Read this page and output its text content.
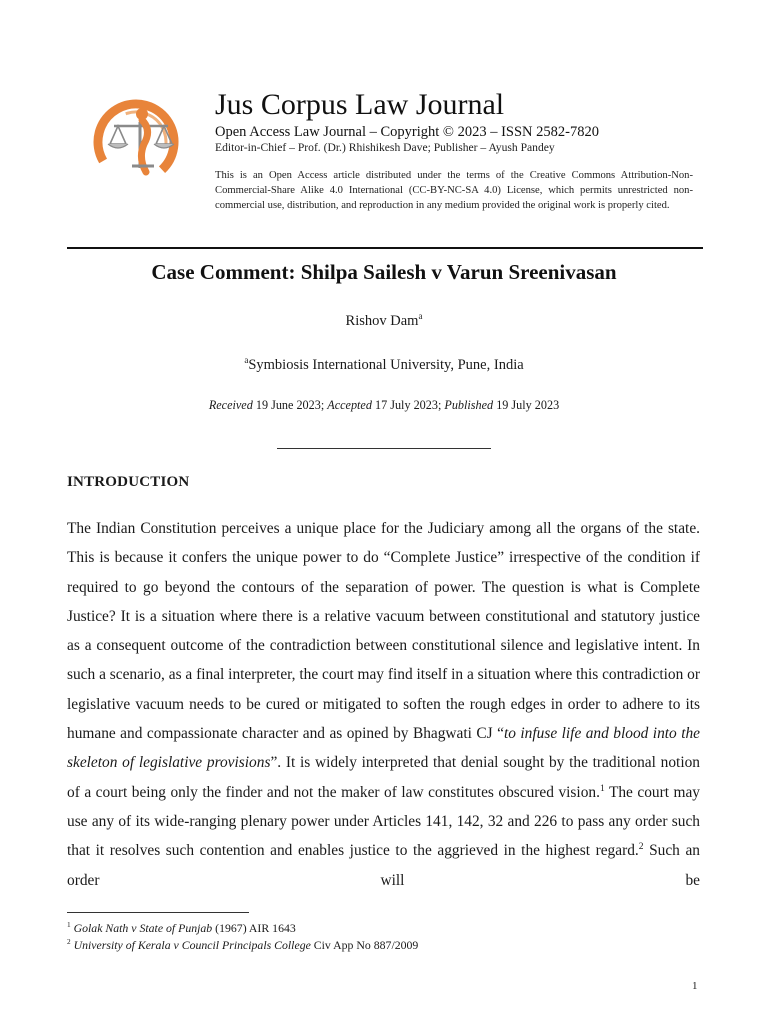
Jus Corpus Law Journal
Open Access Law Journal – Copyright © 2023 – ISSN 2582-7820
Editor-in-Chief – Prof. (Dr.) Rhishikesh Dave; Publisher – Ayush Pandey
This is an Open Access article distributed under the terms of the Creative Commons Attribution-Non-Commercial-Share Alike 4.0 International (CC-BY-NC-SA 4.0) License, which permits unrestricted non-commercial use, distribution, and reproduction in any medium provided the original work is properly cited.
Case Comment: Shilpa Sailesh v Varun Sreenivasan
Rishov Dam$^a$
$^a$Symbiosis International University, Pune, India
Received 19 June 2023; Accepted 17 July 2023; Published 19 July 2023
INTRODUCTION
The Indian Constitution perceives a unique place for the Judiciary among all the organs of the state. This is because it confers the unique power to do “Complete Justice” irrespective of the condition if required to go beyond the contours of the separation of power. The question is what is Complete Justice? It is a situation where there is a relative vacuum between constitutional and statutory justice as a consequent outcome of the contradiction between constitutional silence and legislative intent. In such a scenario, as a final interpreter, the court may find itself in a situation where this contradiction or legislative vacuum needs to be cured or mitigated to soften the rough edges in order to adhere to its humane and compassionate character and as opined by Bhagwati CJ “to infuse life and blood into the skeleton of legislative provisions”. It is widely interpreted that denial sought by the traditional notion of a court being only the finder and not the maker of law constitutes obscured vision.$^1$ The court may use any of its wide-ranging plenary power under Articles 141, 142, 32 and 226 to pass any order such that it resolves such contention and enables justice to the aggrieved in the highest regard.$^2$ Such an order will be
$^1$ Golak Nath v State of Punjab (1967) AIR 1643
$^2$ University of Kerala v Council Principals College Civ App No 887/2009
1
